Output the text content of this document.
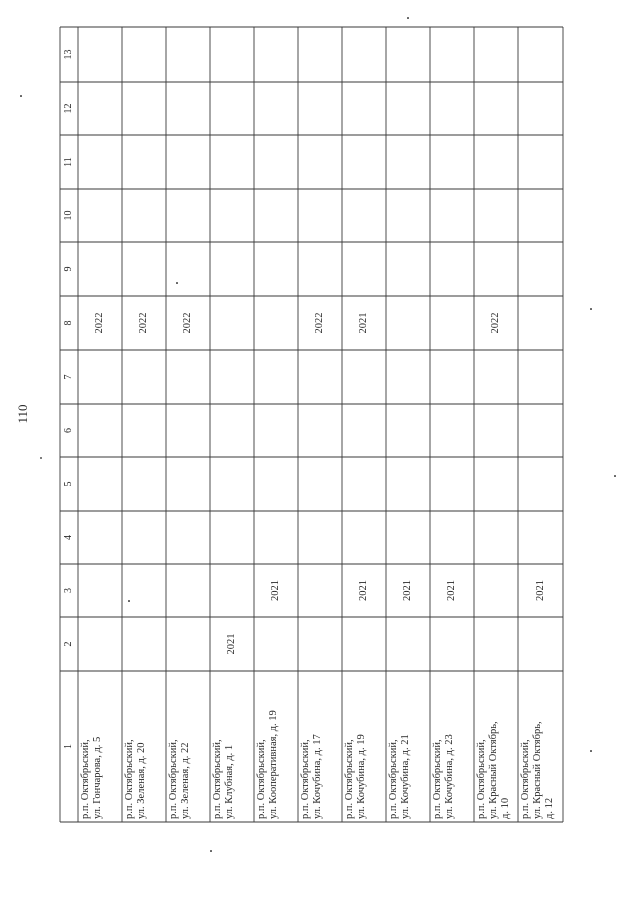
110
1
2
3
4
5
6
7
8
9
10
11
12
13
р.п. Октябрьский, ул. Гончарова, д. 5
2022
р.п. Октябрьский, ул. Зеленая, д. 20
2022
р.п. Октябрьский, ул. Зеленая, д. 22
2022
р.п. Октябрьский, ул. Клубная, д. 1
2021
р.п. Октябрьский, ул. Кооперативная, д. 19
2021
р.п. Октябрьский, ул. Кочубина, д. 17
2022
р.п. Октябрьский, ул. Кочубина, д. 19
2021
2021
р.п. Октябрьский, ул. Кочубина, д. 21
2021
р.п. Октябрьский, ул. Кочубина, д. 23
2021
р.п. Октябрьский, ул. Красный Октябрь, д. 10
2022
р.п. Октябрьский, ул. Красный Октябрь, д. 12
2021
